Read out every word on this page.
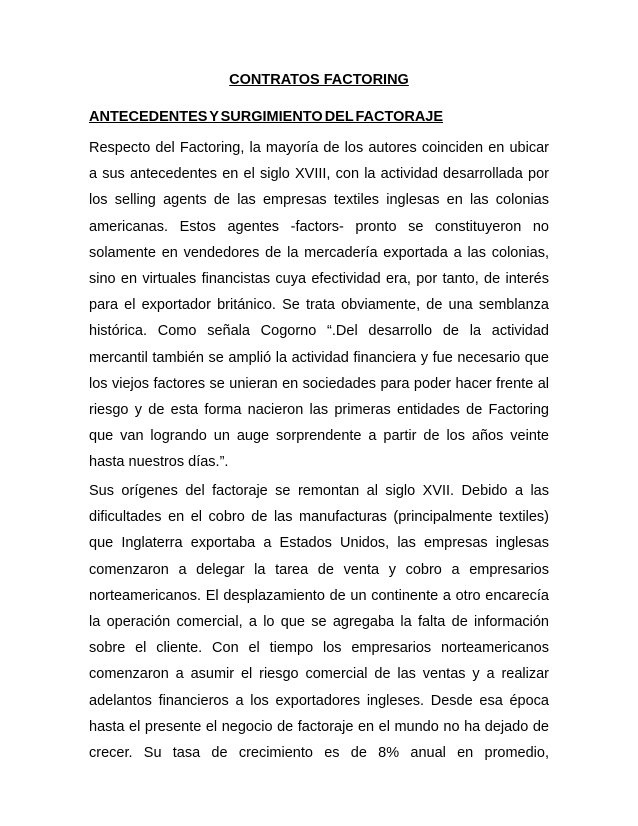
CONTRATOS FACTORING
ANTECEDENTES Y SURGIMIENTO DEL FACTORAJE
Respecto del Factoring, la mayoría de los autores coinciden en ubicar
a sus antecedentes en el siglo XVIII, con la actividad desarrollada por
los selling agents de las empresas textiles inglesas en las colonias
americanas. Estos agentes -factors- pronto se constituyeron no
solamente en vendedores de la mercadería exportada a las colonias,
sino en virtuales financistas cuya efectividad era, por tanto, de interés
para el exportador británico. Se trata obviamente, de una semblanza
histórica. Como señala Cogorno “.Del desarrollo de la actividad
mercantil también se amplió la actividad financiera y fue necesario que
los viejos factores se unieran en sociedades para poder hacer frente al
riesgo y de esta forma nacieron las primeras entidades de Factoring
que van logrando un auge sorprendente a partir de los años veinte
hasta nuestros días.”.
Sus orígenes del factoraje se remontan al siglo XVII. Debido a las
dificultades en el cobro de las manufacturas (principalmente textiles)
que Inglaterra exportaba a Estados Unidos, las empresas inglesas
comenzaron a delegar la tarea de venta y cobro a empresarios
norteamericanos. El desplazamiento de un continente a otro encarecía
la operación comercial, a lo que se agregaba la falta de información
sobre el cliente. Con el tiempo los empresarios norteamericanos
comenzaron a asumir el riesgo comercial de las ventas y a realizar
adelantos financieros a los exportadores ingleses. Desde esa época
hasta el presente el negocio de factoraje en el mundo no ha dejado de
crecer. Su tasa de crecimiento es de 8% anual en promedio,
